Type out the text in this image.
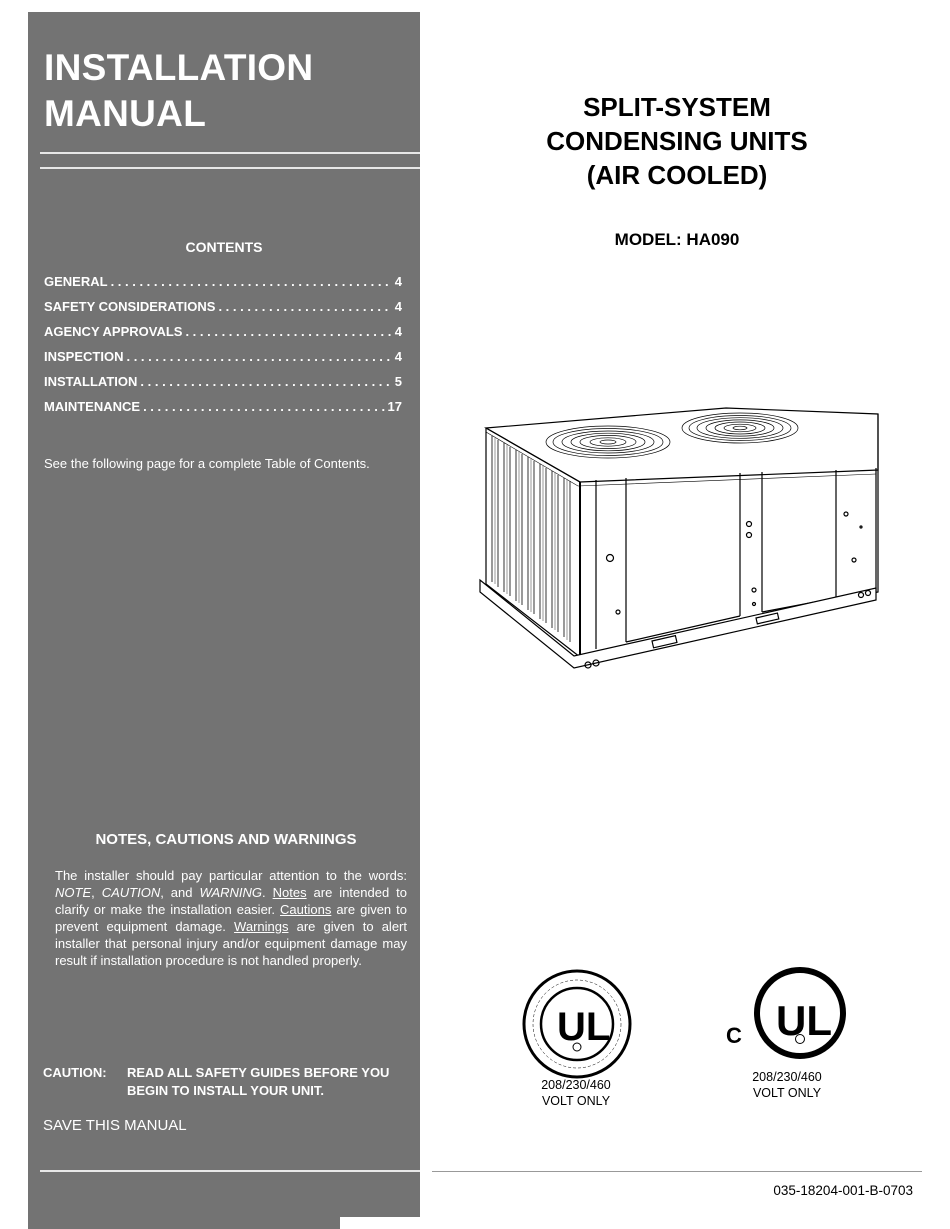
INSTALLATION
MANUAL
CONTENTS
GENERAL . . .	4
SAFETY CONSIDERATIONS . . .	4
AGENCY APPROVALS . . .	4
INSPECTION . . .	4
INSTALLATION . . .	5
MAINTENANCE . . .	17
See the following page for a complete Table of Contents.
NOTES, CAUTIONS AND WARNINGS

The installer should pay particular attention to the words: NOTE, CAUTION, and WARNING. Notes are intended to clarify or make the installation easier. Cautions are given to prevent equipment damage. Warnings are given to alert installer that personal injury and/or equipment damage may result if installation procedure is not handled properly.

CAUTION: READ ALL SAFETY GUIDES BEFORE YOU BEGIN TO INSTALL YOUR UNIT.
SAVE THIS MANUAL
SPLIT-SYSTEM
CONDENSING UNITS
(AIR COOLED)
MODEL: HA090
UL
208/230/460
VOLT ONLY
C UL
208/230/460
VOLT ONLY
035-18204-001-B-0703
